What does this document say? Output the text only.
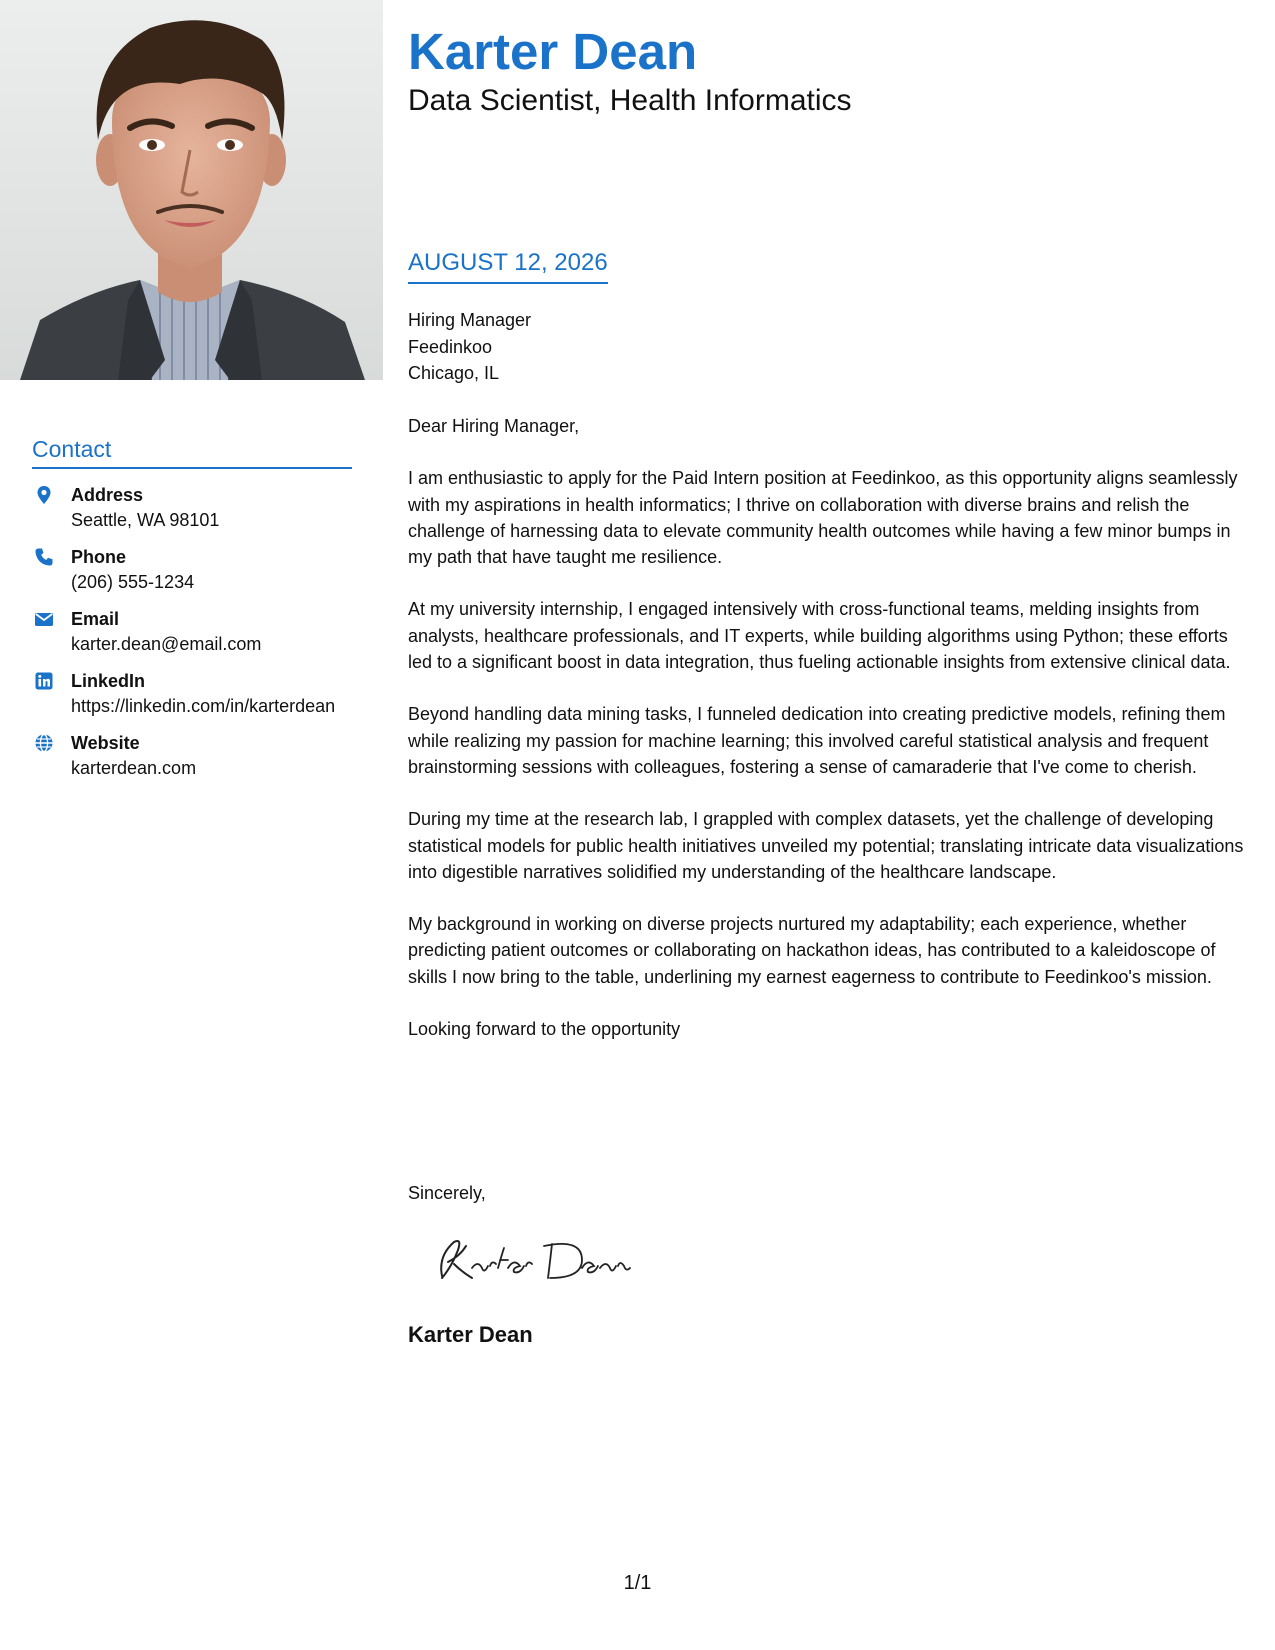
Contact
Address
Seattle, WA 98101
Phone
(206) 555-1234
Email
karter.dean@email.com
LinkedIn
https://linkedin.com/in/karterdean
Website
karterdean.com
Karter Dean
Data Scientist, Health Informatics
AUGUST 12, 2026
Hiring Manager
Feedinkoo
Chicago, IL

Dear Hiring Manager,

I am enthusiastic to apply for the Paid Intern position at Feedinkoo, as this opportunity aligns seamlessly with my aspirations in health informatics; I thrive on collaboration with diverse brains and relish the challenge of harnessing data to elevate community health outcomes while having a few minor bumps in my path that have taught me resilience.

At my university internship, I engaged intensively with cross-functional teams, melding insights from analysts, healthcare professionals, and IT experts, while building algorithms using Python; these efforts led to a significant boost in data integration, thus fueling actionable insights from extensive clinical data.

Beyond handling data mining tasks, I funneled dedication into creating predictive models, refining them while realizing my passion for machine learning; this involved careful statistical analysis and frequent brainstorming sessions with colleagues, fostering a sense of camaraderie that I've come to cherish.

During my time at the research lab, I grappled with complex datasets, yet the challenge of developing statistical models for public health initiatives unveiled my potential; translating intricate data visualizations into digestible narratives solidified my understanding of the healthcare landscape.

My background in working on diverse projects nurtured my adaptability; each experience, whether predicting patient outcomes or collaborating on hackathon ideas, has contributed to a kaleidoscope of skills I now bring to the table, underlining my earnest eagerness to contribute to Feedinkoo's mission.

Looking forward to the opportunity

Sincerely,
Karter Dean
1/1
